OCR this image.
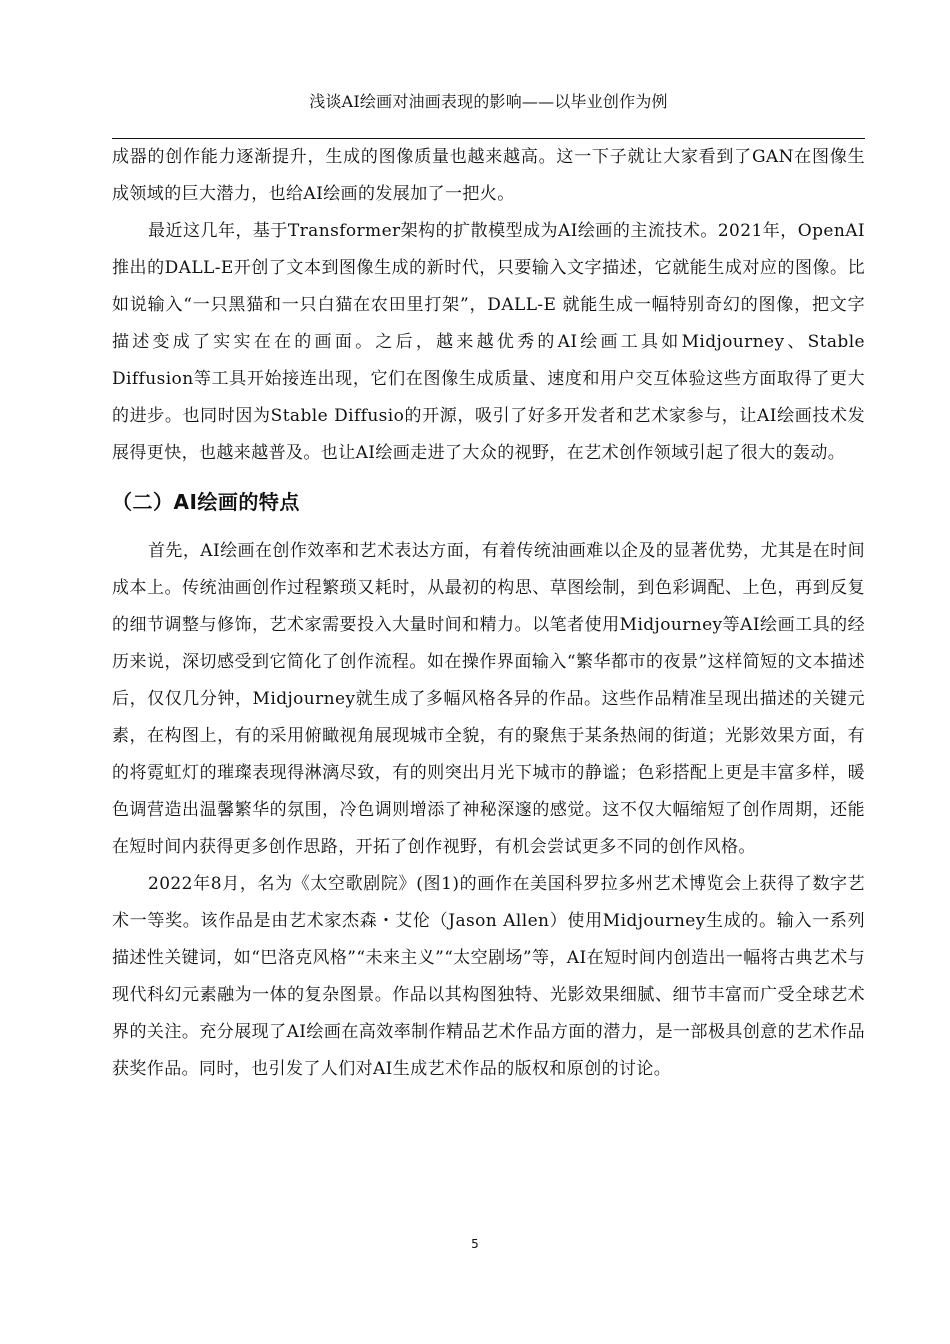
浅谈AI绘画对油画表现的影响——以毕业创作为例

成器的创作能力逐渐提升，生成的图像质量也越来越高。这一下子就让大家看到了GAN在图像生成领域的巨大潜力，也给AI绘画的发展加了一把火。

最近这几年，基于Transformer架构的扩散模型成为AI绘画的主流技术。2021年，OpenAI推出的DALL-E开创了文本到图像生成的新时代，只要输入文字描述，它就能生成对应的图像。比如说输入“一只黑猫和一只白猫在农田里打架”，DALL-E 就能生成一幅特别奇幻的图像，把文字描述变成了实实在在的画面。之后，越来越优秀的AI绘画工具如Midjourney、Stable Diffusion等工具开始接连出现，它们在图像生成质量、速度和用户交互体验这些方面取得了更大的进步。也同时因为Stable Diffusio的开源，吸引了好多开发者和艺术家参与，让AI绘画技术发展得更快，也越来越普及。也让AI绘画走进了大众的视野，在艺术创作领域引起了很大的轰动。

（二）AI绘画的特点

首先，AI绘画在创作效率和艺术表达方面，有着传统油画难以企及的显著优势，尤其是在时间成本上。传统油画创作过程繁琐又耗时，从最初的构思、草图绘制，到色彩调配、上色，再到反复的细节调整与修饰，艺术家需要投入大量时间和精力。以笔者使用Midjourney等AI绘画工具的经历来说，深切感受到它简化了创作流程。如在操作界面输入“繁华都市的夜景”这样简短的文本描述后，仅仅几分钟，Midjourney就生成了多幅风格各异的作品。这些作品精准呈现出描述的关键元素，在构图上，有的采用俯瞰视角展现城市全貌，有的聚焦于某条热闹的街道；光影效果方面，有的将霓虹灯的璀璨表现得淋漓尽致，有的则突出月光下城市的静谧；色彩搭配上更是丰富多样，暖色调营造出温馨繁华的氛围，冷色调则增添了神秘深邃的感觉。这不仅大幅缩短了创作周期，还能在短时间内获得更多创作思路，开拓了创作视野，有机会尝试更多不同的创作风格。

2022年8月，名为《太空歌剧院》(图1)的画作在美国科罗拉多州艺术博览会上获得了数字艺术一等奖。该作品是由艺术家杰森・艾伦（Jason Allen）使用Midjourney生成的。输入一系列描述性关键词，如“巴洛克风格”“未来主义”“太空剧场”等，AI在短时间内创造出一幅将古典艺术与现代科幻元素融为一体的复杂图景。作品以其构图独特、光影效果细腻、细节丰富而广受全球艺术界的关注。充分展现了AI绘画在高效率制作精品艺术作品方面的潜力，是一部极具创意的艺术作品获奖作品。同时，也引发了人们对AI生成艺术作品的版权和原创的讨论。

5
